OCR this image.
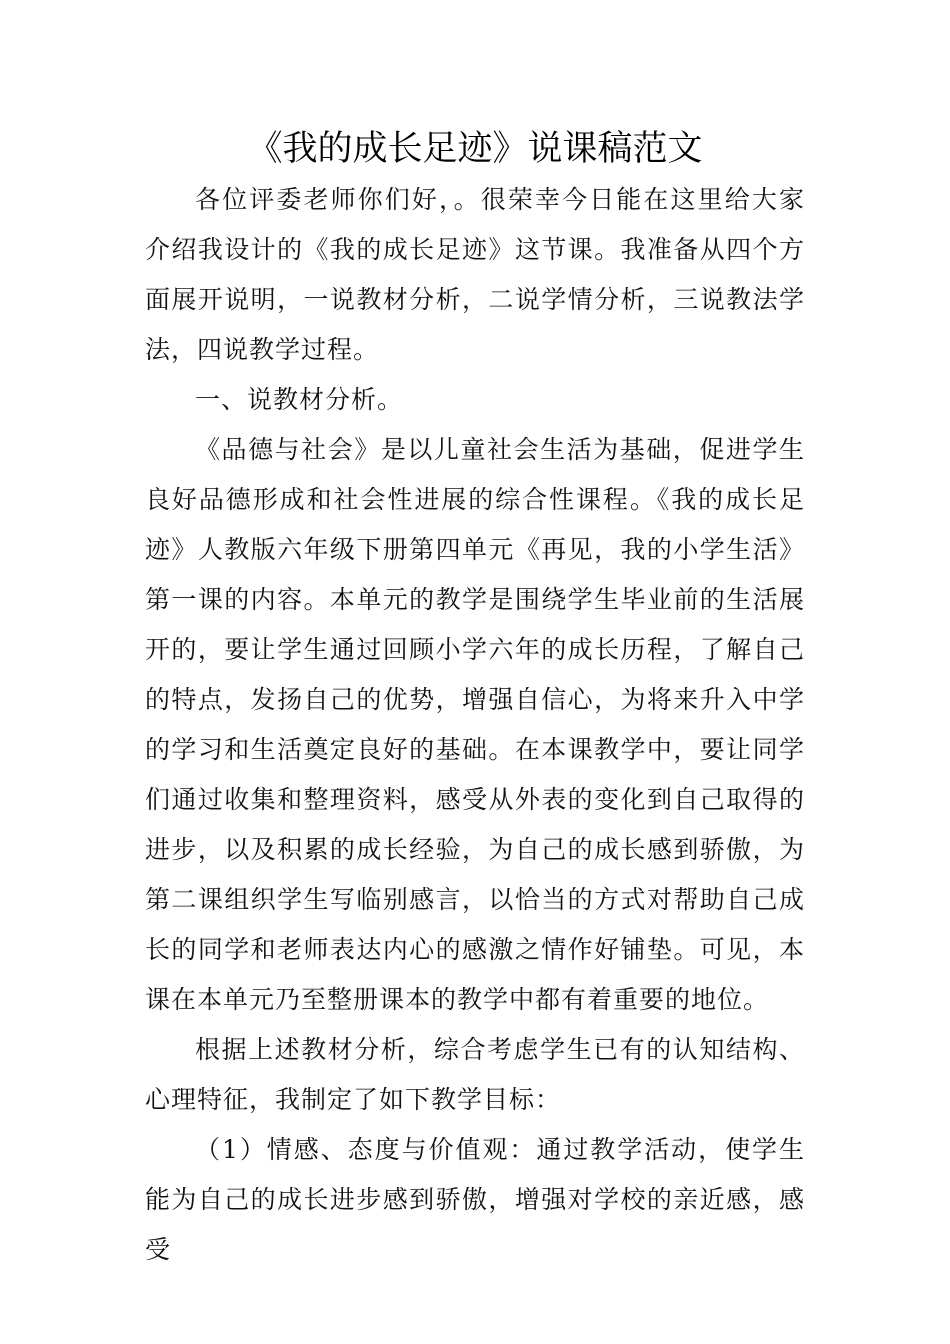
《我的成长足迹》说课稿范文

各位评委老师你们好，。很荣幸今日能在这里给大家介绍我设计的《我的成长足迹》这节课。我准备从四个方面展开说明，一说教材分析，二说学情分析，三说教法学法，四说教学过程。

一、说教材分析。

《品德与社会》是以儿童社会生活为基础，促进学生良好品德形成和社会性进展的综合性课程。《我的成长足迹》人教版六年级下册第四单元《再见，我的小学生活》第一课的内容。本单元的教学是围绕学生毕业前的生活展开的，要让学生通过回顾小学六年的成长历程，了解自己的特点，发扬自己的优势，增强自信心，为将来升入中学的学习和生活奠定良好的基础。在本课教学中，要让同学们通过收集和整理资料，感受从外表的变化到自己取得的进步，以及积累的成长经验，为自己的成长感到骄傲，为第二课组织学生写临别感言，以恰当的方式对帮助自己成长的同学和老师表达内心的感激之情作好铺垫。可见，本课在本单元乃至整册课本的教学中都有着重要的地位。

根据上述教材分析，综合考虑学生已有的认知结构、心理特征，我制定了如下教学目标：

（1）情感、态度与价值观：通过教学活动，使学生能为自己的成长进步感到骄傲，增强对学校的亲近感，感受
